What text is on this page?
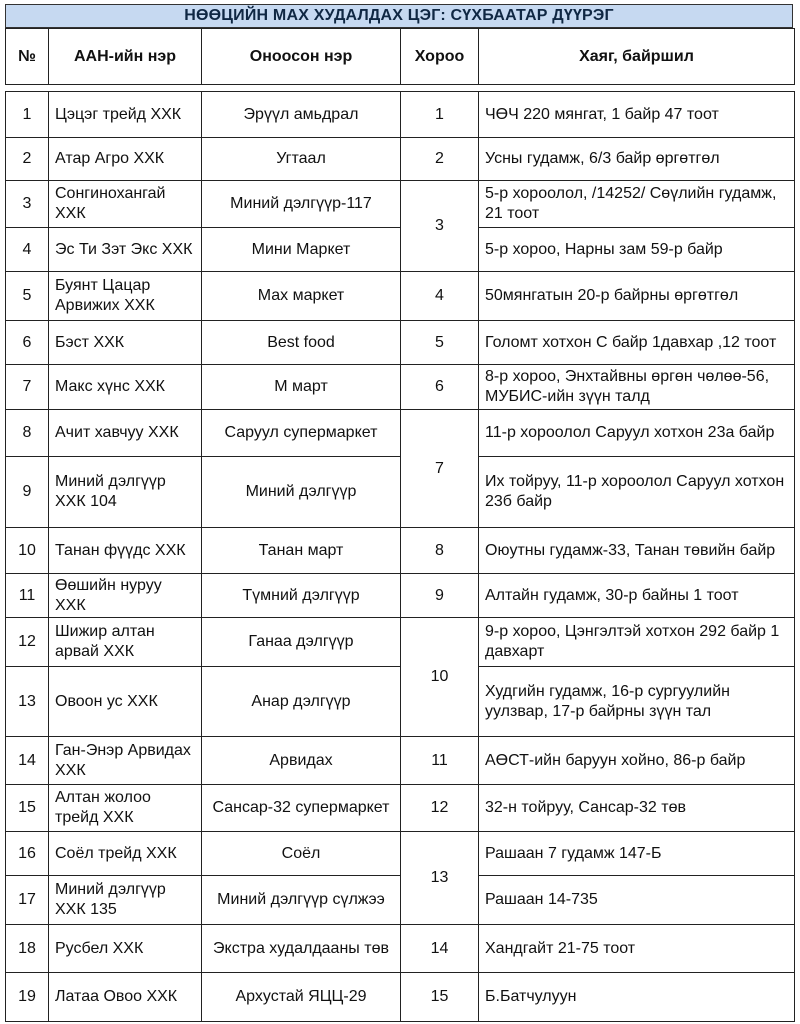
НӨӨЦИЙН МАХ ХУДАЛДАХ ЦЭГ: СҮХБААТАР ДҮҮРЭГ
№	ААН-ийн нэр	Оноосон нэр	Хороо	Хаяг, байршил

1	Цэцэг трейд ХХК	Эрүүл амьдрал	1	ЧӨЧ 220 мянгат, 1 байр 47 тоот
2	Атар Агро ХХК	Угтаал	2	Усны гудамж, 6/3 байр өргөтгөл
3	Сонгинохангай ХХК	Миний дэлгүүр-117	3	5-р хороолол, /14252/ Сөүлийн гудамж, 21 тоот
4	Эс Ти Зэт Экс ХХК	Мини Маркет		5-р хороо, Нарны зам 59-р байр
5	Буянт Цацар Арвижих ХХК	Мах маркет	4	50мянгатын 20-р байрны өргөтгөл
6	Бэст ХХК	Best food	5	Голомт хотхон С байр 1давхар ,12 тоот
7	Макс хүнс ХХК	М март	6	8-р хороо, Энхтайвны өргөн чөлөө-56, МУБИС-ийн зүүн талд
8	Ачит хавчуу ХХК	Саруул супермаркет	7	11-р хороолол Саруул хотхон 23а байр
9	Миний дэлгүүр ХХК 104	Миний дэлгүүр		Их тойруу, 11-р хороолол Саруул хотхон 23б байр
10	Танан фүүдс ХХК	Танан март	8	Оюутны гудамж-33, Танан төвийн байр
11	Өөшийн нуруу ХХК	Түмний дэлгүүр	9	Алтайн гудамж, 30-р байны 1 тоот
12	Шижир алтан арвай ХХК	Ганаа дэлгүүр	10	9-р хороо, Цэнгэлтэй хотхон 292 байр 1 давхарт
13	Овоон ус ХХК	Анар дэлгүүр		Худгийн гудамж, 16-р сургуулийн уулзвар, 17-р байрны зүүн тал
14	Ган-Энэр Арвидах ХХК	Арвидах	11	АӨСТ-ийн баруун хойно, 86-р байр
15	Алтан жолоо трейд ХХК	Сансар-32 супермаркет	12	32-н тойруу, Сансар-32 төв
16	Соёл трейд ХХК	Соёл	13	Рашаан 7 гудамж 147-Б
17	Миний дэлгүүр ХХК 135	Миний дэлгүүр сүлжээ		Рашаан 14-735
18	Русбел ХХК	Экстра худалдааны төв	14	Хандгайт 21-75 тоот
19	Латаа Овоо ХХК	Архустай ЯЦЦ-29	15	Б.Батчулуун
